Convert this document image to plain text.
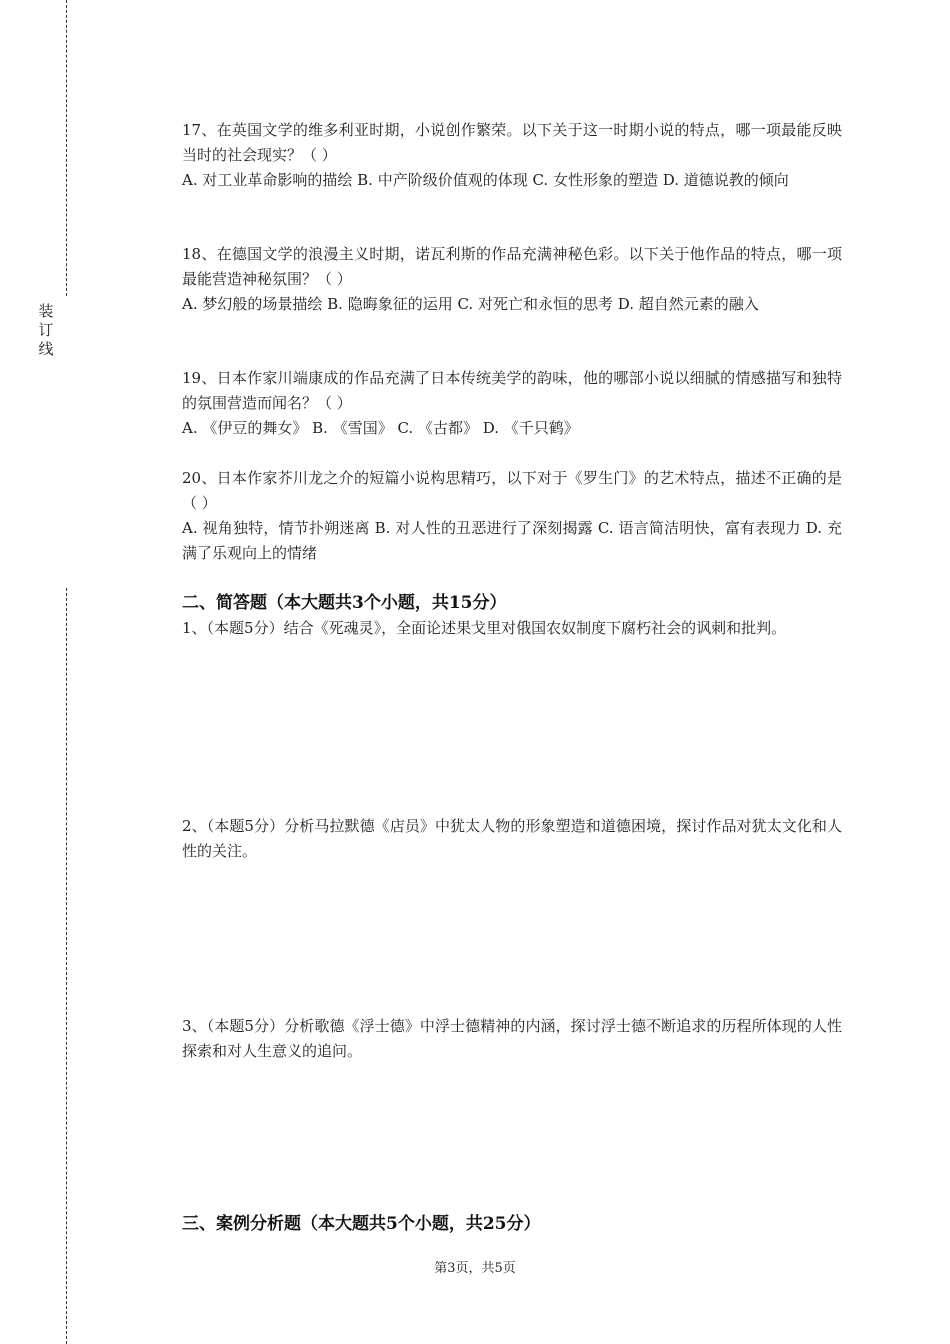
装
订
线

17、在英国文学的维多利亚时期，小说创作繁荣。以下关于这一时期小说的特点，哪一项最能反映当时的社会现实？（ ）

A. 对工业革命影响的描绘 B. 中产阶级价值观的体现 C. 女性形象的塑造 D. 道德说教的倾向

18、在德国文学的浪漫主义时期，诺瓦利斯的作品充满神秘色彩。以下关于他作品的特点，哪一项最能营造神秘氛围？（ ）

A. 梦幻般的场景描绘 B. 隐晦象征的运用 C. 对死亡和永恒的思考 D. 超自然元素的融入

19、日本作家川端康成的作品充满了日本传统美学的韵味，他的哪部小说以细腻的情感描写和独特的氛围营造而闻名？（ ）

A. 《伊豆的舞女》 B. 《雪国》 C. 《古都》 D. 《千只鹤》

20、日本作家芥川龙之介的短篇小说构思精巧，以下对于《罗生门》的艺术特点，描述不正确的是（ ）

A. 视角独特，情节扑朔迷离 B. 对人性的丑恶进行了深刻揭露 C. 语言简洁明快，富有表现力 D. 充满了乐观向上的情绪

二、简答题（本大题共3个小题，共15分）

1、（本题5分）结合《死魂灵》，全面论述果戈里对俄国农奴制度下腐朽社会的讽刺和批判。

2、（本题5分）分析马拉默德《店员》中犹太人物的形象塑造和道德困境，探讨作品对犹太文化和人性的关注。

3、（本题5分）分析歌德《浮士德》中浮士德精神的内涵，探讨浮士德不断追求的历程所体现的人性探索和对人生意义的追问。

三、案例分析题（本大题共5个小题，共25分）
第3页，共5页
